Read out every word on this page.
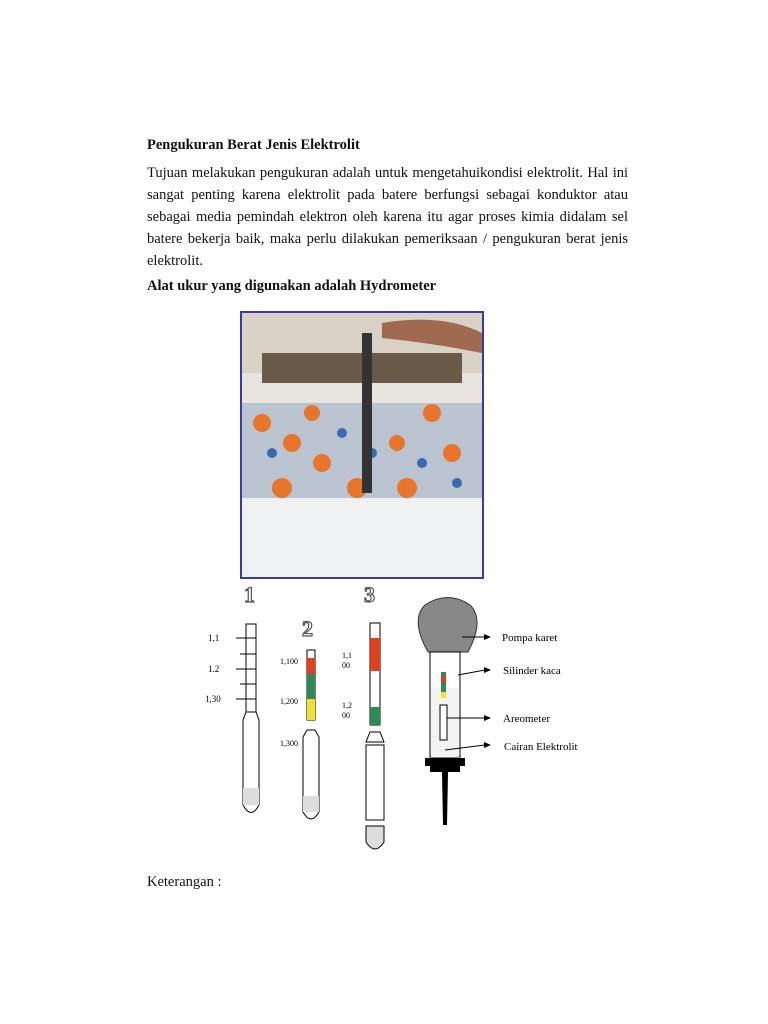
Pengukuran Berat Jenis Elektrolit
Tujuan melakukan pengukuran adalah untuk mengetahuikondisi elektrolit. Hal ini sangat penting karena elektrolit pada batere berfungsi sebagai konduktor atau sebagai media pemindah elektron oleh karena itu agar proses kimia didalam sel batere bekerja baik, maka perlu dilakukan pemeriksaan / pengukuran berat jenis elektrolit.
Alat ukur yang digunakan adalah Hydrometer
1
2
3
1,1
1.2
1,30
1,100
1,200
1,300
1,1
00
1,2
00
Pompa karet
Silinder kaca
Areometer
Cairan Elektrolit
Keterangan :
